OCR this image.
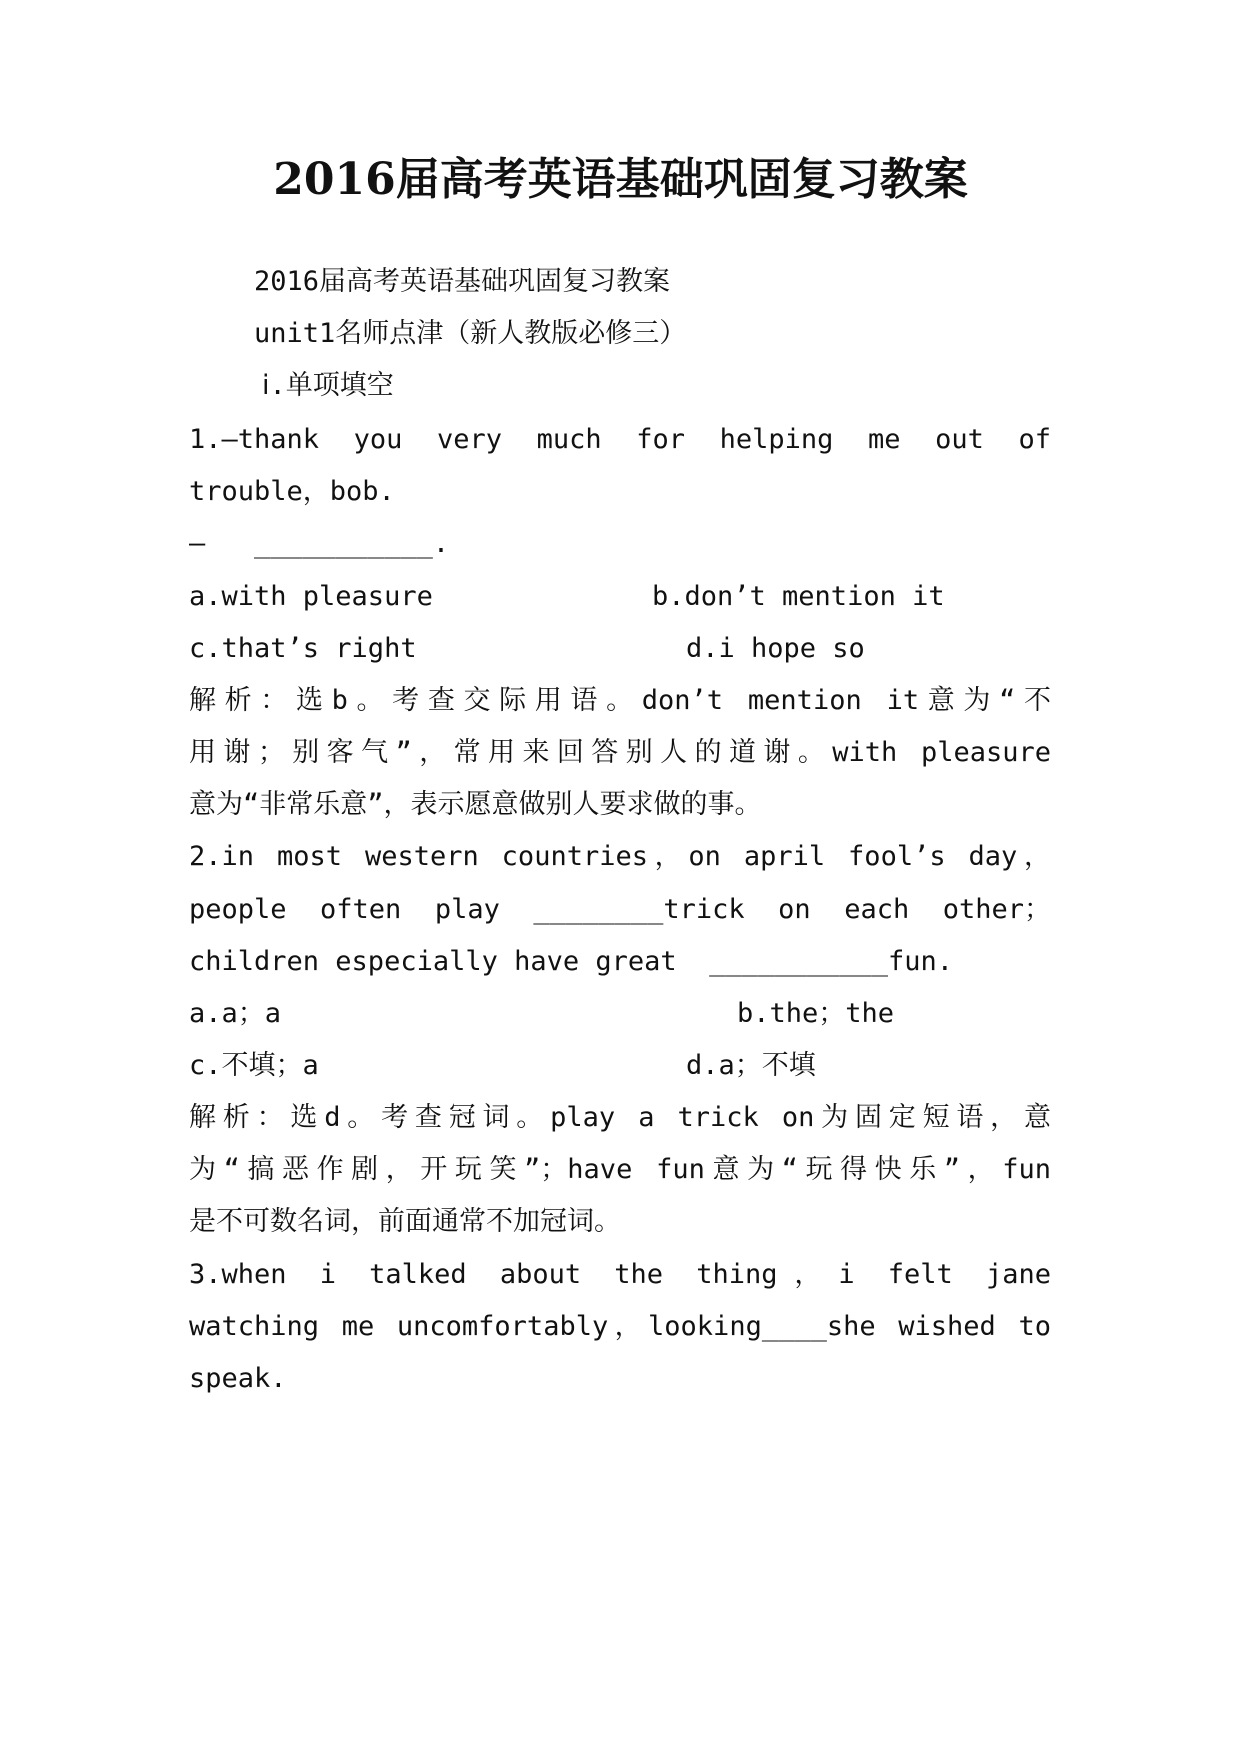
2016届高考英语基础巩固复习教案
2016届高考英语基础巩固复习教案
unit1名师点津（新人教版必修三）
ⅰ.单项填空
1.—thank you very much for helping me out of
trouble，bob.
—   ___________.
a.with pleasure	b.don’t mention it
c.that’s right	d.i hope so
解析：选b。考查交际用语。don’t mention it意为“不
用谢；别客气”，常用来回答别人的道谢。with pleasure
意为“非常乐意”，表示愿意做别人要求做的事。
2.in most western countries，on april fool’s day，
people often play ________trick on each other；
children especially have great  ___________fun.
a.a；a	b.the；the
c.不填；a	d.a；不填
解析：选d。考查冠词。play a trick on为固定短语，意
为“搞恶作剧，开玩笑”；have fun意为“玩得快乐”，fun
是不可数名词，前面通常不加冠词。
3.when i talked about the thing，i felt jane
watching me uncomfortably，looking____she wished to
speak.
